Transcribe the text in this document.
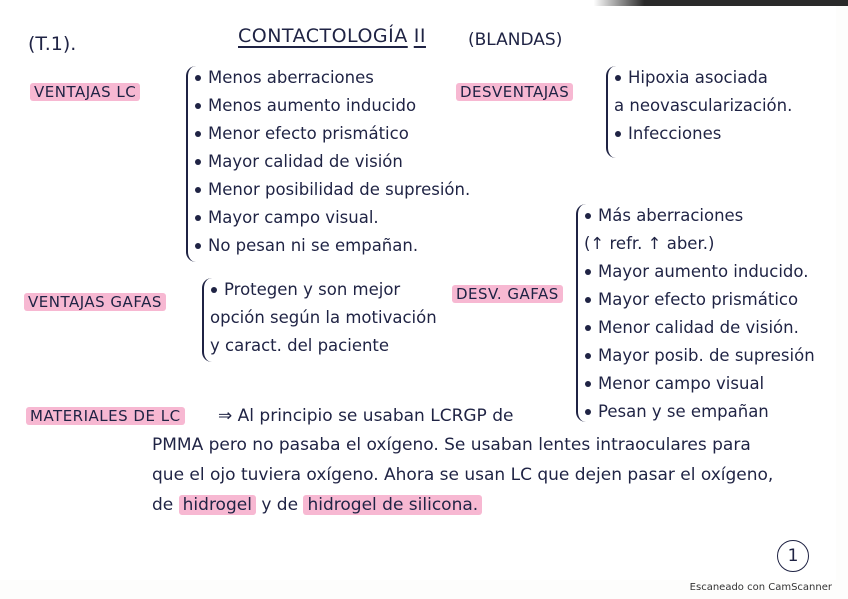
(T.1).	CONTACTOLOGÍA II (BLANDAS)
VENTAJAS LC
Menos aberraciones
Menos aumento inducido
Menor efecto prismático
Mayor calidad de visión
Menor posibilidad de supresión.
Mayor campo visual.
No pesan ni se empañan.
DESVENTAJAS
Hipoxia asociada
a neovascularización.
Infecciones
VENTAJAS GAFAS
Protegen y son mejor
opción según la motivación
y caract. del paciente
DESV. GAFAS
Más aberraciones
(↑ refr. ↑ aber.)
Mayor aumento inducido.
Mayor efecto prismático
Menor calidad de visión.
Mayor posib. de supresión
Menor campo visual
Pesan y se empañan
MATERIALES DE LC ⇒ Al principio se usaban LCRGP de
PMMA pero no pasaba el oxígeno. Se usaban lentes intraoculares para
que el ojo tuviera oxígeno. Ahora se usan LC que dejen pasar el oxígeno,
de hidrogel y de hidrogel de silicona.
1
Escaneado con CamScanner
